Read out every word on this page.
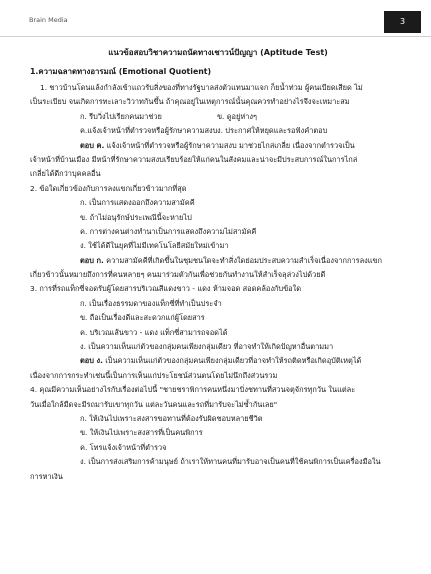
Brain Media	3
แนวข้อสอบวิชาความถนัดทางเชาวน์ปัญญา (Aptitude Test)
1.ความฉลาดทางอารมณ์ (Emotional Quotient)
1. ชาวบ้านโดนแล้งกำลังเข้าแถวรับสิ่งของที่ทางรัฐบาลส่งตัวแทนมาแจก ก็ยน้ำท่วม ผู้คนเบียดเสียด ไม่
เป็นระเบียบ จนเกิดการทะเลาะวิวาทกันขึ้น ถ้าคุณอยู่ในเหตุการณ์นั้นคุณควรทำอย่างไรจึงจะเหมาะสม
ก. รีบวิ่งไปเรียกคนมาช่วย	ข. ดูอยู่ห่างๆ
ค.แจ้งเจ้าหน้าที่ตำรวจหรือผู้รักษาความสงบ ง. ประกาศให้หยุดและรอฟังคำตอบ
ตอบ ค. แจ้งเจ้าหน้าที่ตำรวจหรือผู้รักษาความสงบ มาช่วยไกล่เกลี่ย เนื่องจากตำรวจเป็น
เจ้าหน้าที่บ้านเมือง มีหน้าที่รักษาความสงบเรียบร้อยให้แก่คนในสังคมและน่าจะมีประสบการณ์ในการไกล่
เกลี่ยได้ดีกว่าบุคคลอื่น
2. ข้อใดเกี่ยวข้องกับการลงแขกเกี่ยวข้าวมากที่สุด
ก. เป็นการแสดงออกถึงความสามัคคี
ข. ถ้าไม่อนุรักษ์ประเพณีนี้จะหายไป
ค. การต่างคนต่างทำนาเป็นการแสดงถึงความไม่สามัคคี
ง. ใช้ได้ดีในยุคที่ไม่มีเทคโนโลยีสมัยใหม่เข้ามา
ตอบ ก. ความสามัคคีที่เกิดขึ้นในชุมชนใดจะทำสิ่งใดย่อมประสบความสำเร็จเนื่องจากการลงแขก
เกี่ยวข้าวนั้นหมายถึงการที่คนหลายๆ คนมาร่วมตัวกันเพื่อช่วยกันทำงานให้สำเร็จลุล่วงไปด้วยดี
3. การที่รถแท็กซี่จอดรับผู้โดยสารบริเวณสีแดงขาว - แดง ห้ามจอด สอดคล้องกับข้อใด
ก. เป็นเรื่องธรรมดาของแท็กซี่ที่ทำเป็นประจำ
ข. ถือเป็นเรื่องดีและสะดวกแก่ผู้โดยสาร
ค. บริเวณเส้นขาว - แดง แท็กซี่สามารถจอดได้
ง. เป็นความเห็นแก่ตัวของกลุ่มคนเพียงกลุ่มเดียว ที่อาจทำให้เกิดปัญหาอื่นตามมา
ตอบ ง. เป็นความเห็นแก่ตัวของกลุ่มคนเพียงกลุ่มเดียวที่อาจทำให้รถติดหรือเกิดอุบัติเหตุได้
เนื่องจากการกระทำเช่นนี้เป็นการเห็นแก่ประโยชน์ส่วนตนโดยไม่นึกถึงส่วนรวม
4. คุณมีความเห็นอย่างไรกับเรื่องต่อไปนี้ "ชายชราพิการคนหนึ่งมาบิ่งชทานที่สวนจตุจักรทุกวัน ในแต่ละ
วันเมื่อใกล้มืดจะมีรถมารับเขาทุกวัน แต่ละวันคนและรถที่มารับจะไม่ซ้ำกันเลย"
ก. ให้เงินไปเพราะสงสารขอทานที่ต้องรับผิดชอบหลายชีวิต
ข. ให้เงินไปเพราะสงสารที่เป็นคนพิการ
ค. โทรแจ้งเจ้าหน้าที่ตำรวจ
ง. เป็นการส่งเสริมการค้ามนุษย์ ถ้าเราให้ทานคนที่มารับอาจเป็นคนที่ใช้คนพิการเป็นเครื่องมือใน
การหาเงิน
